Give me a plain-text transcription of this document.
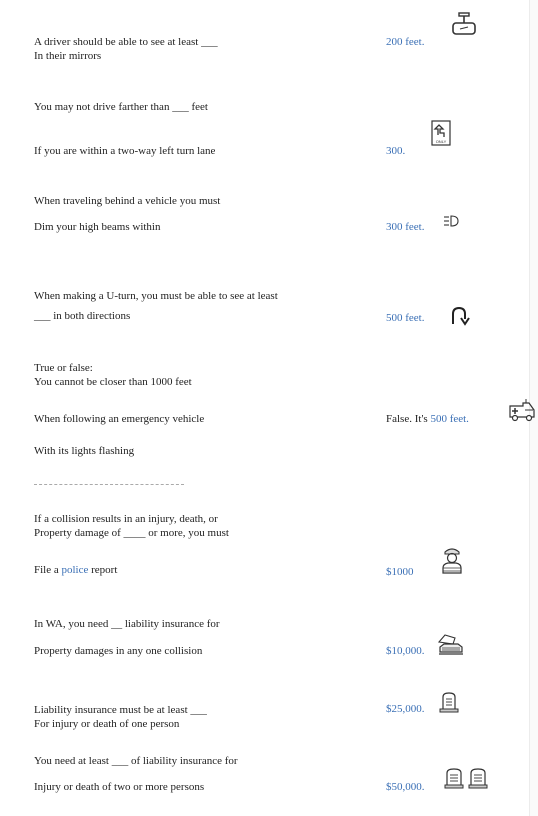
A driver should be able to see at least ___
In their mirrors
200 feet.
You may not drive farther than ___ feet
If you are within a two-way left turn lane	300.
ONLY
When traveling behind a vehicle you must
Dim your high beams within	300 feet.
When making a U-turn, you must be able to see at least
___ in both directions	500 feet.
True or false:
You cannot be closer than 1000 feet
When following an emergency vehicle
With its lights flashing
False. It's 500 feet.
If a collision results in an injury, death, or
Property damage of ____ or more, you must
File a police report	$1000
In WA, you need __ liability insurance for
Property damages in any one collision	$10,000.
Liability insurance must be at least ___
For injury or death of one person
$25,000.
You need at least ___ of liability insurance for
Injury or death of two or more persons	$50,000.
